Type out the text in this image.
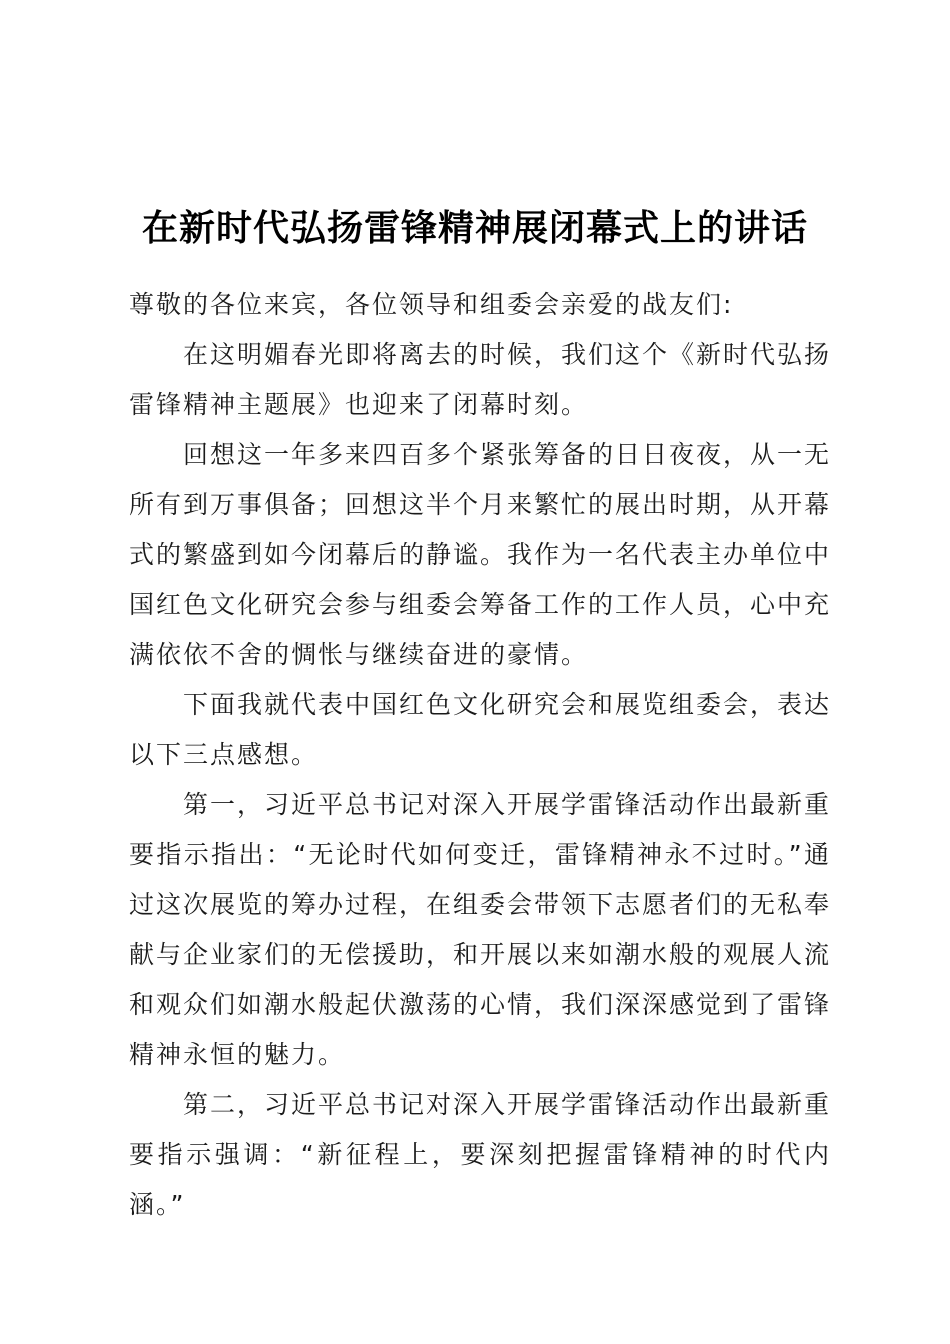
在新时代弘扬雷锋精神展闭幕式上的讲话

尊敬的各位来宾，各位领导和组委会亲爱的战友们:

在这明媚春光即将离去的时候，我们这个《新时代弘扬雷锋精神主题展》也迎来了闭幕时刻。

回想这一年多来四百多个紧张筹备的日日夜夜，从一无所有到万事俱备；回想这半个月来繁忙的展出时期，从开幕式的繁盛到如今闭幕后的静谧。我作为一名代表主办单位中国红色文化研究会参与组委会筹备工作的工作人员，心中充满依依不舍的惆怅与继续奋进的豪情。

下面我就代表中国红色文化研究会和展览组委会，表达以下三点感想。

第一，习近平总书记对深入开展学雷锋活动作出最新重要指示指出：“无论时代如何变迁，雷锋精神永不过时。”通过这次展览的筹办过程，在组委会带领下志愿者们的无私奉献与企业家们的无偿援助，和开展以来如潮水般的观展人流和观众们如潮水般起伏激荡的心情，我们深深感觉到了雷锋精神永恒的魅力。

第二，习近平总书记对深入开展学雷锋活动作出最新重要指示强调：“新征程上，要深刻把握雷锋精神的时代内涵。”
